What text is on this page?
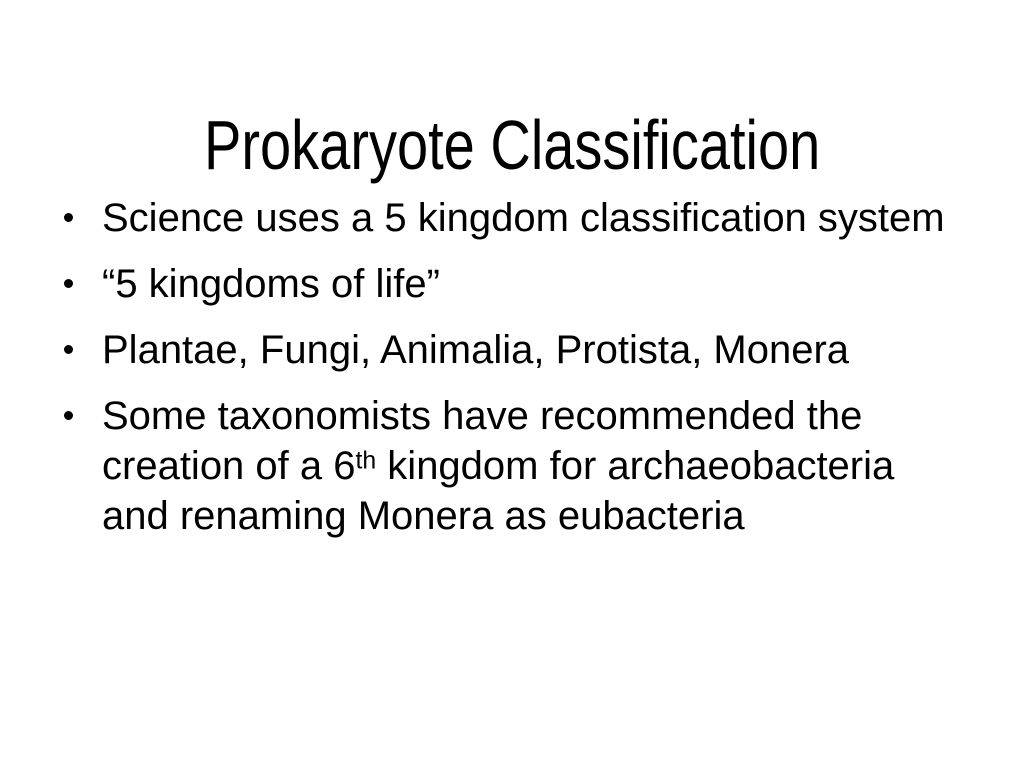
Prokaryote Classification
Science uses a 5 kingdom classification system
“5 kingdoms of life”
Plantae, Fungi, Animalia, Protista, Monera
Some taxonomists have recommended the
creation of a 6th kingdom for archaeobacteria
and renaming Monera as eubacteria
